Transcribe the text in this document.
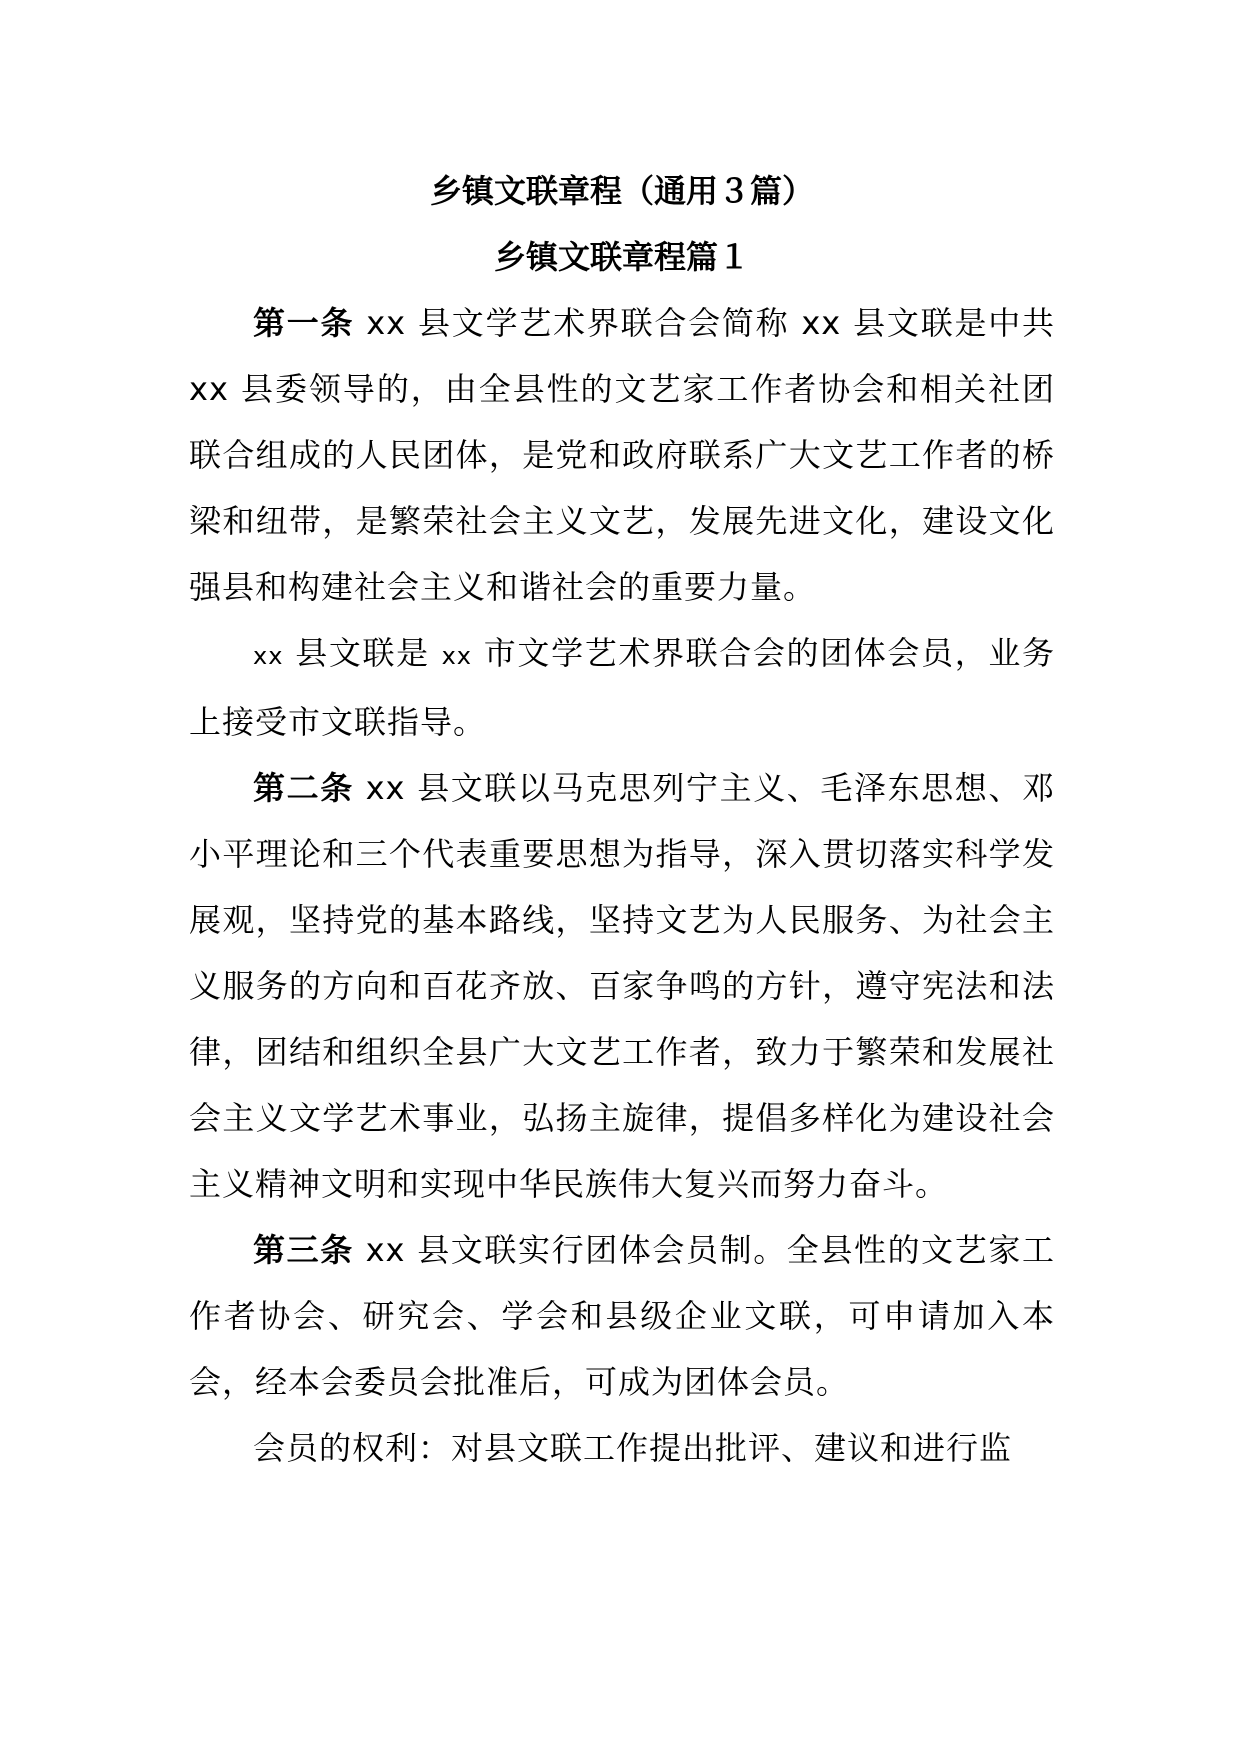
乡镇文联章程（通用３篇）
乡镇文联章程篇１

第一条 xx 县文学艺术界联合会简称 xx 县文联是中共 xx 县委领导的，由全县性的文艺家工作者协会和相关社团联合组成的人民团体，是党和政府联系广大文艺工作者的桥梁和纽带，是繁荣社会主义文艺，发展先进文化，建设文化强县和构建社会主义和谐社会的重要力量。

xx 县文联是 xx 市文学艺术界联合会的团体会员，业务上接受市文联指导。

第二条 xx 县文联以马克思列宁主义、毛泽东思想、邓小平理论和三个代表重要思想为指导，深入贯切落实科学发展观，坚持党的基本路线，坚持文艺为人民服务、为社会主义服务的方向和百花齐放、百家争鸣的方针，遵守宪法和法律，团结和组织全县广大文艺工作者，致力于繁荣和发展社会主义文学艺术事业，弘扬主旋律，提倡多样化为建设社会主义精神文明和实现中华民族伟大复兴而努力奋斗。

第三条 xx 县文联实行团体会员制。全县性的文艺家工作者协会、研究会、学会和县级企业文联，可申请加入本会，经本会委员会批准后，可成为团体会员。

会员的权利：对县文联工作提出批评、建议和进行监
